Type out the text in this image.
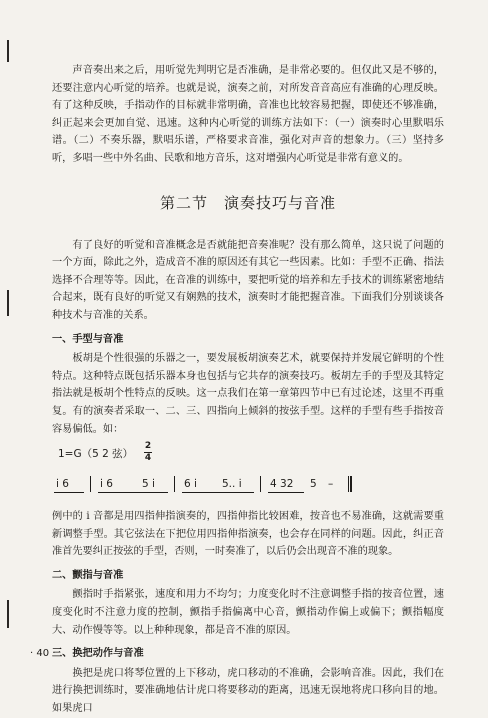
声音奏出来之后，用听觉先判明它是否准确，是非常必要的。但仅此又是不够的，还要注意内心听觉的培养。也就是说，演奏之前，对所发音音高应有准确的心理反映。有了这种反映，手指动作的目标就非常明确，音准也比较容易把握，即使还不够准确，纠正起来会更加自觉、迅速。这种内心听觉的训练方法如下：（一）演奏时心里默唱乐谱。（二）不奏乐器，默唱乐谱，严格要求音准，强化对声音的想象力。（三）坚持多听，多唱一些中外名曲、民歌和地方音乐，这对增强内心听觉是非常有意义的。

第二节　演奏技巧与音准

有了良好的听觉和音准概念是否就能把音奏准呢？没有那么简单，这只说了问题的一个方面，除此之外，造成音不准的原因还有其它一些因素。比如：手型不正确、指法选择不合理等等。因此，在音准的训练中，要把听觉的培养和左手技术的训练紧密地结合起来，既有良好的听觉又有娴熟的技术，演奏时才能把握音准。下面我们分别谈谈各种技术与音准的关系。

一、手型与音准

板胡是个性很强的乐器之一，要发展板胡演奏艺术，就要保持并发展它鲜明的个性特点。这种特点既包括乐器本身也包括与它共存的演奏技巧。板胡左手的手型及其特定指法就是板胡个性特点的反映。这一点我们在第一章第四节中已有过论述，这里不再重复。有的演奏者采取一、二、三、四指向上倾斜的按弦手型。这样的手型有些手指按音容易偏低。如：

1=G（5 2 弦）
2
4
i̇ 6	i̇ 6	5 i̇	6 i̇ 5.. i̇	4 32 5 –

例中的 i̇ 音都是用四指伸指演奏的，四指伸指比较困难，按音也不易准确，这就需要重新调整手型。其它弦法在下把位用四指伸指演奏，也会存在同样的问题。因此，纠正音准首先要纠正按弦的手型，否则，一时奏准了，以后仍会出现音不准的现象。

二、颤指与音准

颤指时手指紧张，速度和用力不均匀；力度变化时不注意调整手指的按音位置，速度变化时不注意力度的控制，颤指手指偏离中心音，颤指动作偏上或偏下；颤指幅度大、动作慢等等。以上种种现象，都是音不准的原因。

三、换把动作与音准

换把是虎口将琴位置的上下移动，虎口移动的不准确，会影响音准。因此，我们在进行换把训练时，要准确地估计虎口将要移动的距离，迅速无误地将虎口移向目的地。如果虎口

· 40 ·
